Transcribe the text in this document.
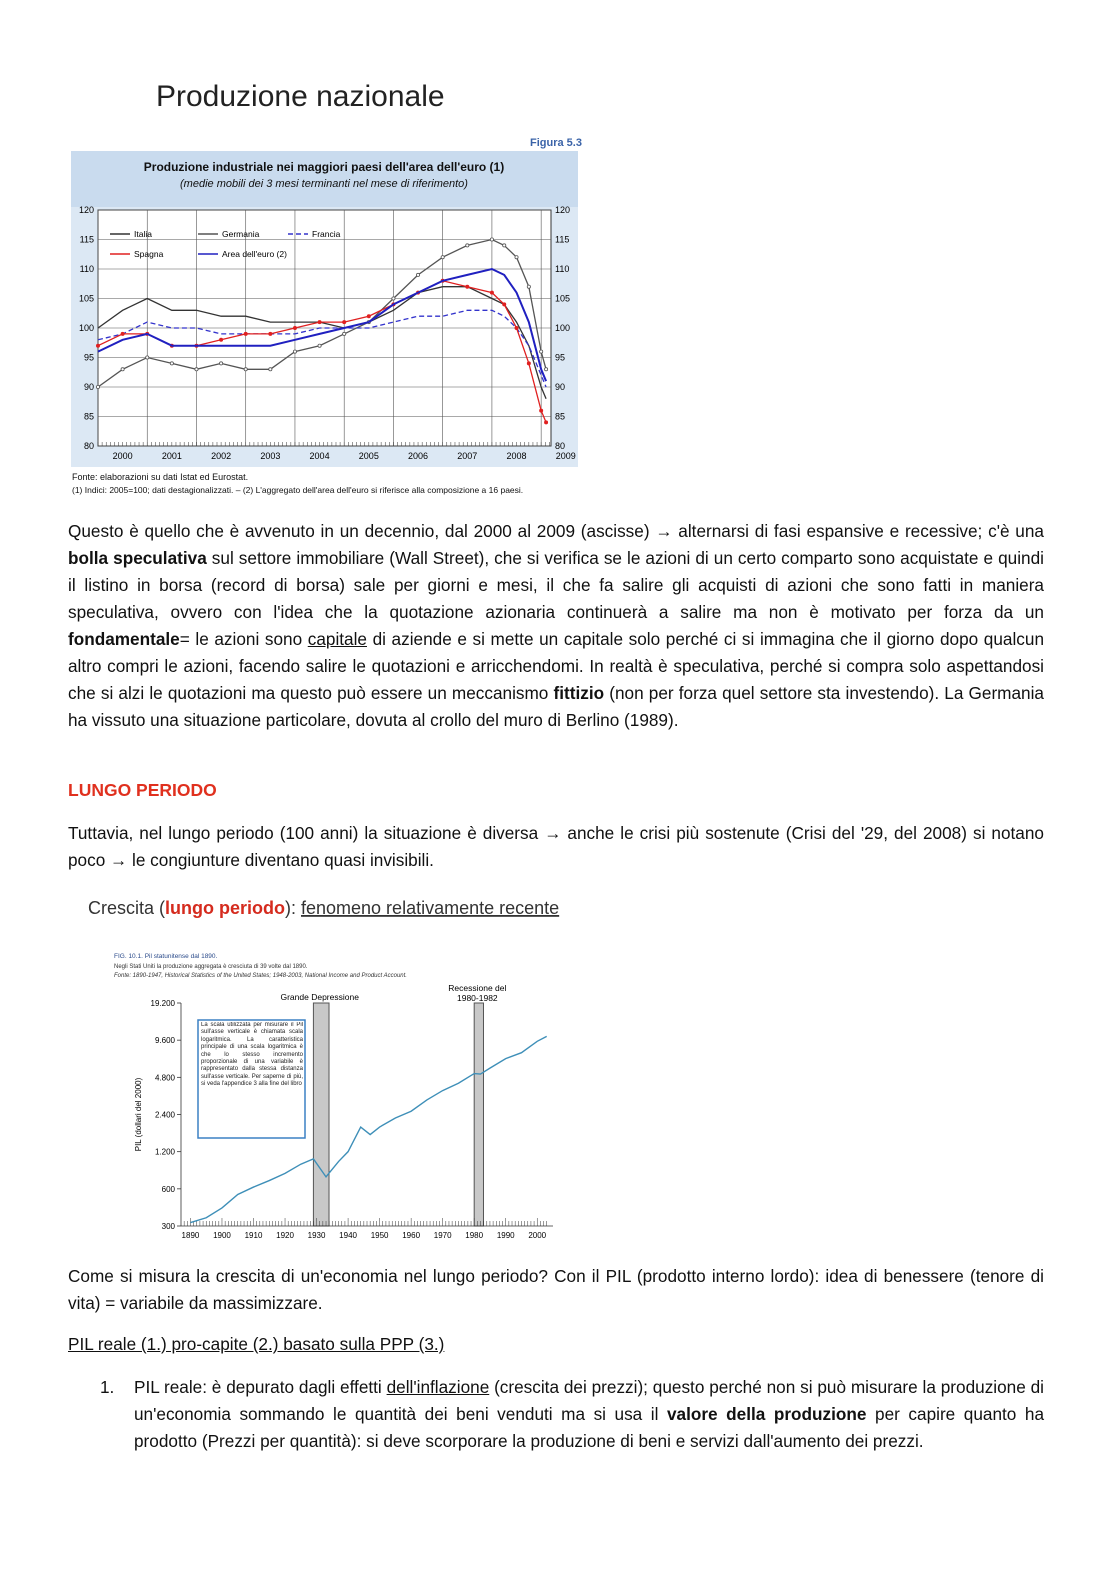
Produzione nazionale
Figura 5.3
Produzione industriale nei maggiori paesi dell'area dell'euro (1)
(medie mobili dei 3 mesi terminanti nel mese di riferimento)
80	80
85	85
90	90
95	95
100	100
105	105
110	110
115	115
120	120
2000	2001	2002	2003	2004	2005	2006	2007	2008	2009
Italia	Germania	Francia
Spagna	Area dell'euro (2)
Fonte: elaborazioni su dati Istat ed Eurostat.
(1) Indici: 2005=100; dati destagionalizzati. – (2) L'aggregato dell'area dell'euro si riferisce alla composizione a 16 paesi.

Questo è quello che è avvenuto in un decennio, dal 2000 al 2009 (ascisse) → alternarsi di fasi espansive e recessive; c'è una bolla speculativa sul settore immobiliare (Wall Street), che si verifica se le azioni di un certo comparto sono acquistate e quindi il listino in borsa (record di borsa) sale per giorni e mesi, il che fa salire gli acquisti di azioni che sono fatti in maniera speculativa, ovvero con l'idea che la quotazione azionaria continuerà a salire ma non è motivato per forza da un fondamentale= le azioni sono capitale di aziende e si mette un capitale solo perché ci si immagina che il giorno dopo qualcun altro compri le azioni, facendo salire le quotazioni e arricchendomi. In realtà è speculativa, perché si compra solo aspettandosi che si alzi le quotazioni ma questo può essere un meccanismo fittizio (non per forza quel settore sta investendo). La Germania ha vissuto una situazione particolare, dovuta al crollo del muro di Berlino (1989).

LUNGO PERIODO

Tuttavia, nel lungo periodo (100 anni) la situazione è diversa → anche le crisi più sostenute (Crisi del '29, del 2008) si notano poco → le congiunture diventano quasi invisibili.

Crescita (lungo periodo): fenomeno relativamente recente
FIG. 10.1. Pil statunitense dal 1890.
Negli Stati Uniti la produzione aggregata è cresciuta di 39 volte dal 1890.
Fonte: 1890-1947, Historical Statistics of the United States; 1948-2003, National Income and Product Account.
Grande Depressione
Recessione del 1980-1982
19.200
9.600
4.800
2.400
1.200
600
300
1890 1900 1910 1920 1930 1940 1950 1960 1970 1980 1990 2000
PIL (dollari del 2000)
La scala utilizzata per misurare il Pil sull'asse verticale è chiamata scala logaritmica. La caratteristica principale di una scala logaritmica è che lo stesso incremento proporzionale di una variabile è rappresentato dalla stessa distanza sull'asse verticale. Per saperne di più, si veda l'appendice 3 alla fine del libro

Come si misura la crescita di un'economia nel lungo periodo? Con il PIL (prodotto interno lordo): idea di benessere (tenore di vita) = variabile da massimizzare.

PIL reale (1.) pro-capite (2.) basato sulla PPP (3.)

1. PIL reale: è depurato dagli effetti dell'inflazione (crescita dei prezzi); questo perché non si può misurare la produzione di un'economia sommando le quantità dei beni venduti ma si usa il valore della produzione per capire quanto ha prodotto (Prezzi per quantità): si deve scorporare la produzione di beni e servizi dall'aumento dei prezzi.
